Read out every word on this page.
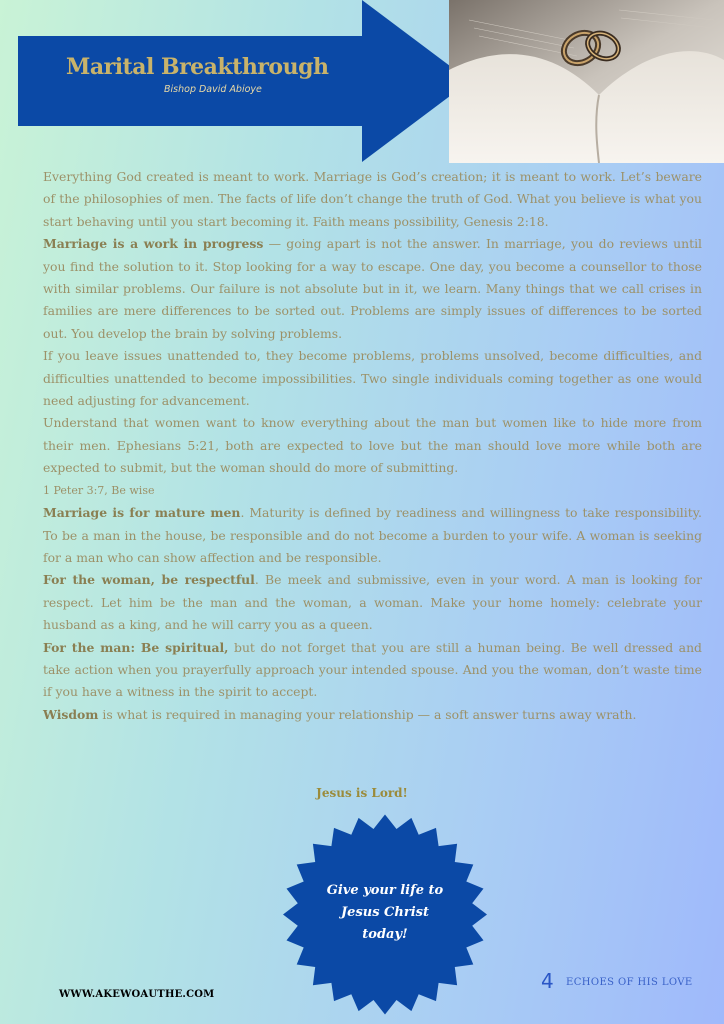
Marital Breakthrough
Bishop David Abioye

Everything God created is meant to work. Marriage is God’s creation; it is meant to work. Let’s beware of the philosophies of men. The facts of life don’t change the truth of God. What you believe is what you start behaving until you start becoming it. Faith means possibility, Genesis 2:18.

Marriage is a work in progress — going apart is not the answer. In marriage, you do reviews until you find the solution to it. Stop looking for a way to escape. One day, you become a counsellor to those with similar problems. Our failure is not absolute but in it, we learn. Many things that we call crises in families are mere differences to be sorted out. Problems are simply issues of differences to be sorted out. You develop the brain by solving problems.

If you leave issues unattended to, they become problems, problems unsolved, become difficulties, and difficulties unattended to become impossibilities. Two single individuals coming together as one would need adjusting for advancement.

Understand that women want to know everything about the man but women like to hide more from their men. Ephesians 5:21, both are expected to love but the man should love more while both are expected to submit, but the woman should do more of submitting.

1 Peter 3:7, Be wise

Marriage is for mature men. Maturity is defined by readiness and willingness to take responsibility. To be a man in the house, be responsible and do not become a burden to your wife. A woman is seeking for a man who can show affection and be responsible.

For the woman, be respectful. Be meek and submissive, even in your word. A man is looking for respect. Let him be the man and the woman, a woman. Make your home homely: celebrate your husband as a king, and he will carry you as a queen.

For the man: Be spiritual, but do not forget that you are still a human being. Be well dressed and take action when you prayerfully approach your intended spouse. And you the woman, don’t waste time if you have a witness in the spirit to accept.

Wisdom is what is required in managing your relationship — a soft answer turns away wrath.

Jesus is Lord!
Give your life to
Jesus Christ
today!
WWW.AKEWOAUTHE.COM
4 ECHOES OF HIS LOVE
